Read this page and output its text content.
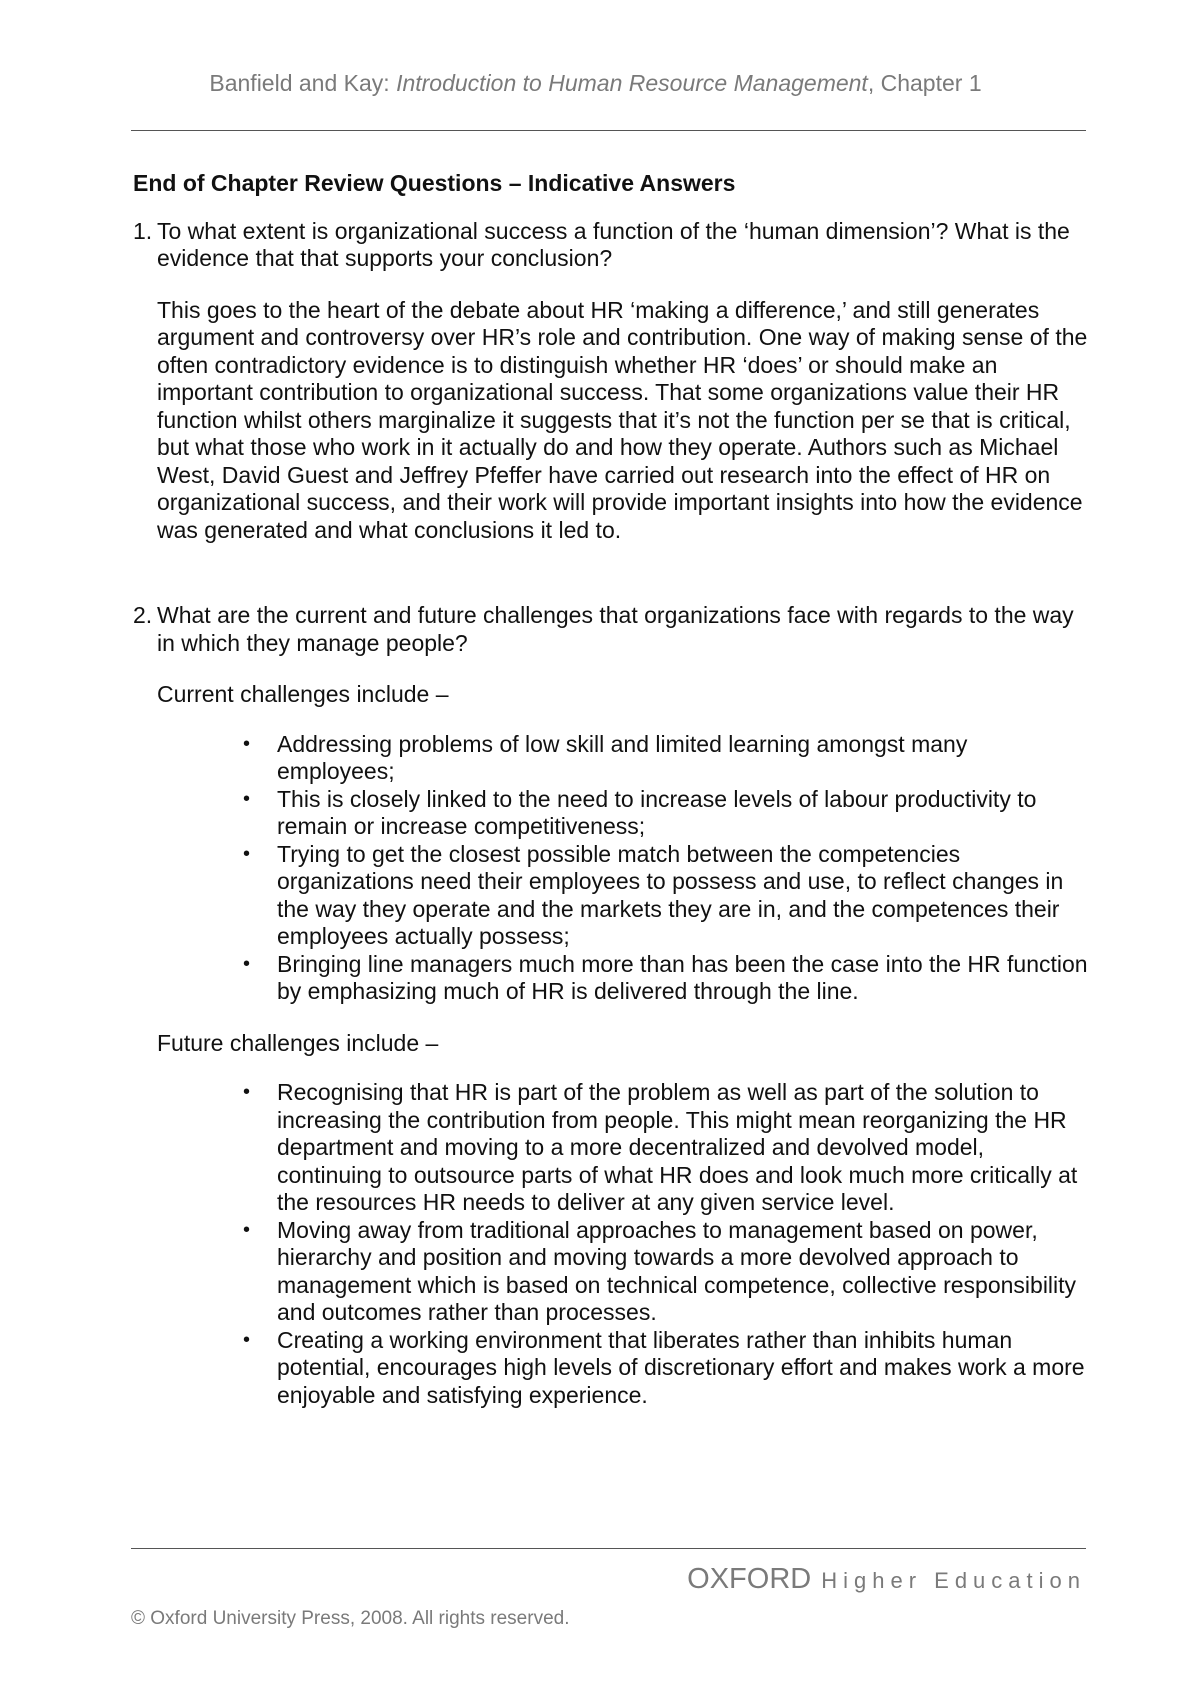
Banfield and Kay: Introduction to Human Resource Management, Chapter 1
End of Chapter Review Questions – Indicative Answers
1. To what extent is organizational success a function of the ‘human dimension’? What is the evidence that that supports your conclusion?

This goes to the heart of the debate about HR ‘making a difference,’ and still generates argument and controversy over HR’s role and contribution. One way of making sense of the often contradictory evidence is to distinguish whether HR ‘does’ or should make an important contribution to organizational success. That some organizations value their HR function whilst others marginalize it suggests that it’s not the function per se that is critical, but what those who work in it actually do and how they operate. Authors such as Michael West, David Guest and Jeffrey Pfeffer have carried out research into the effect of HR on organizational success, and their work will provide important insights into how the evidence was generated and what conclusions it led to.

2. What are the current and future challenges that organizations face with regards to the way in which they manage people?

Current challenges include –

• Addressing problems of low skill and limited learning amongst many employees;
• This is closely linked to the need to increase levels of labour productivity to remain or increase competitiveness;
• Trying to get the closest possible match between the competencies organizations need their employees to possess and use, to reflect changes in the way they operate and the markets they are in, and the competences their employees actually possess;
• Bringing line managers much more than has been the case into the HR function by emphasizing much of HR is delivered through the line.

Future challenges include –

• Recognising that HR is part of the problem as well as part of the solution to increasing the contribution from people. This might mean reorganizing the HR department and moving to a more decentralized and devolved model, continuing to outsource parts of what HR does and look much more critically at the resources HR needs to deliver at any given service level.
• Moving away from traditional approaches to management based on power, hierarchy and position and moving towards a more devolved approach to management which is based on technical competence, collective responsibility and outcomes rather than processes.
• Creating a working environment that liberates rather than inhibits human potential, encourages high levels of discretionary effort and makes work a more enjoyable and satisfying experience.
OXFORD Higher Education
© Oxford University Press, 2008. All rights reserved.
